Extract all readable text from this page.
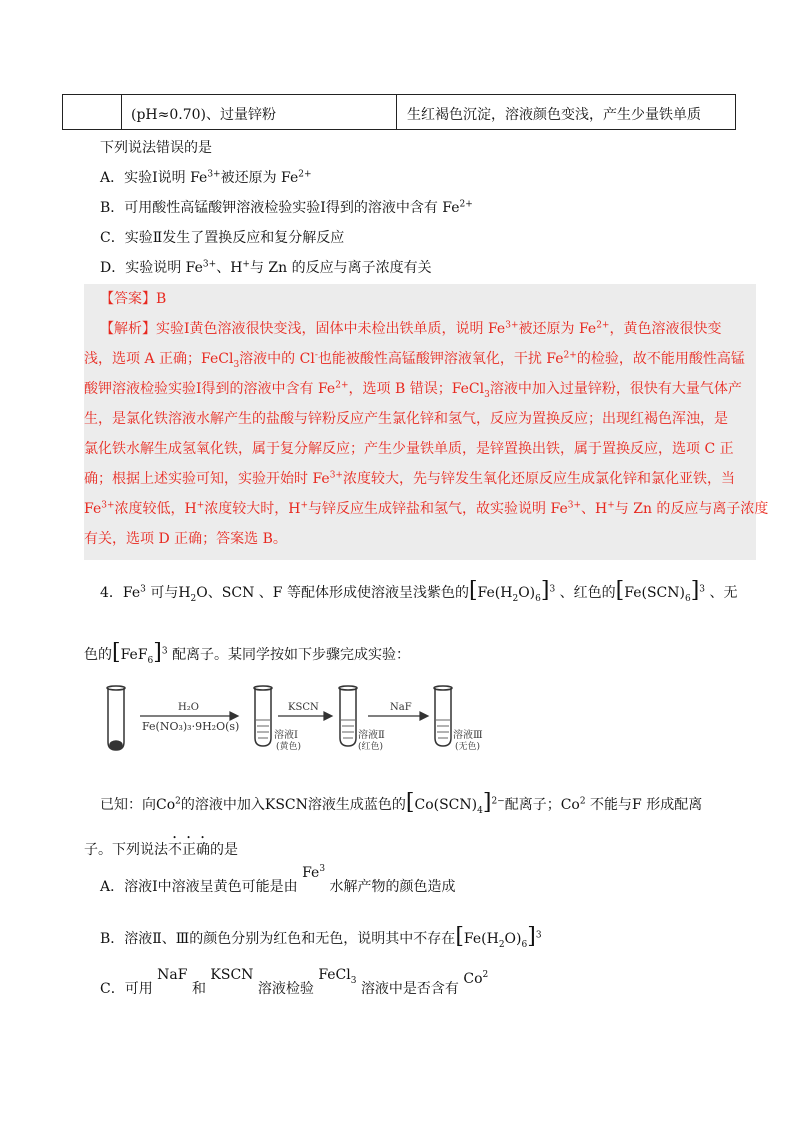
(pH≈0.70)、过量锌粉	生红褐色沉淀，溶液颜色变浅，产生少量铁单质
下列说法错误的是
A．实验Ⅰ说明 $Fe^{3+}$被还原为 $Fe^{2+}$
B．可用酸性高锰酸钾溶液检验实验Ⅰ得到的溶液中含有 $Fe^{2+}$
C．实验Ⅱ发生了置换反应和复分解反应
D．实验说明 $Fe^{3+}$、H+与 Zn 的反应与离子浓度有关
【答案】B
【解析】实验Ⅰ黄色溶液很快变浅，固体中未检出铁单质，说明 $Fe^{3+}$被还原为 $Fe^{2+}$，黄色溶液很快变
浅，选项 A 正确；FeCl$_3$溶液中的 Cl-也能被酸性高锰酸钾溶液氧化，干扰 $Fe^{2+}$的检验，故不能用酸性高锰
酸钾溶液检验实验Ⅰ得到的溶液中含有 $Fe^{2+}$，选项 B 错误；FeCl$_3$溶液中加入过量锌粉，很快有大量气体产
生，是氯化铁溶液水解产生的盐酸与锌粉反应产生氯化锌和氢气，反应为置换反应；出现红褐色浑浊，是
氯化铁水解生成氢氧化铁，属于复分解反应；产生少量铁单质，是锌置换出铁，属于置换反应，选项 C 正
确；根据上述实验可知，实验开始时 $Fe^{3+}$浓度较大，先与锌发生氧化还原反应生成氯化锌和氯化亚铁，当
$Fe^{3+}$浓度较低，H+浓度较大时，H+与锌反应生成锌盐和氢气，故实验说明 $Fe^{3+}$、H+与 Zn 的反应与离子浓度
有关，选项 D 正确；答案选 B。
4．Fe$^3$ 可与$H_2O$、SCN 、F 等配体形成使溶液呈浅紫色的$[Fe(H_2O)_6]^3$ 、红色的$[Fe(SCN)_6]^3$ 、无
色的$[FeF_6]^3$ 配离子。某同学按如下步骤完成实验：
H₂O
Fe(NO₃)₃·9H₂O(s)
KSCN	NaF
溶液Ⅰ
(黄色)
溶液Ⅱ
(红色)
溶液Ⅲ
(无色)
已知：向Co$^2$的溶液中加入KSCN溶液生成蓝色的$[Co(SCN)_4]^{2-}$配离子；Co$^2$ 不能与F 形成配离
子。下列说法不正确的是
A．溶液Ⅰ中溶液呈黄色可能是由 Fe$^3$ 水解产物的颜色造成
B．溶液Ⅱ、Ⅲ的颜色分别为红色和无色，说明其中不存在$[Fe(H_2O)_6]^3$
C．可用 NaF 和 KSCN 溶液检验 FeCl3 溶液中是否含有 Co$^2$
